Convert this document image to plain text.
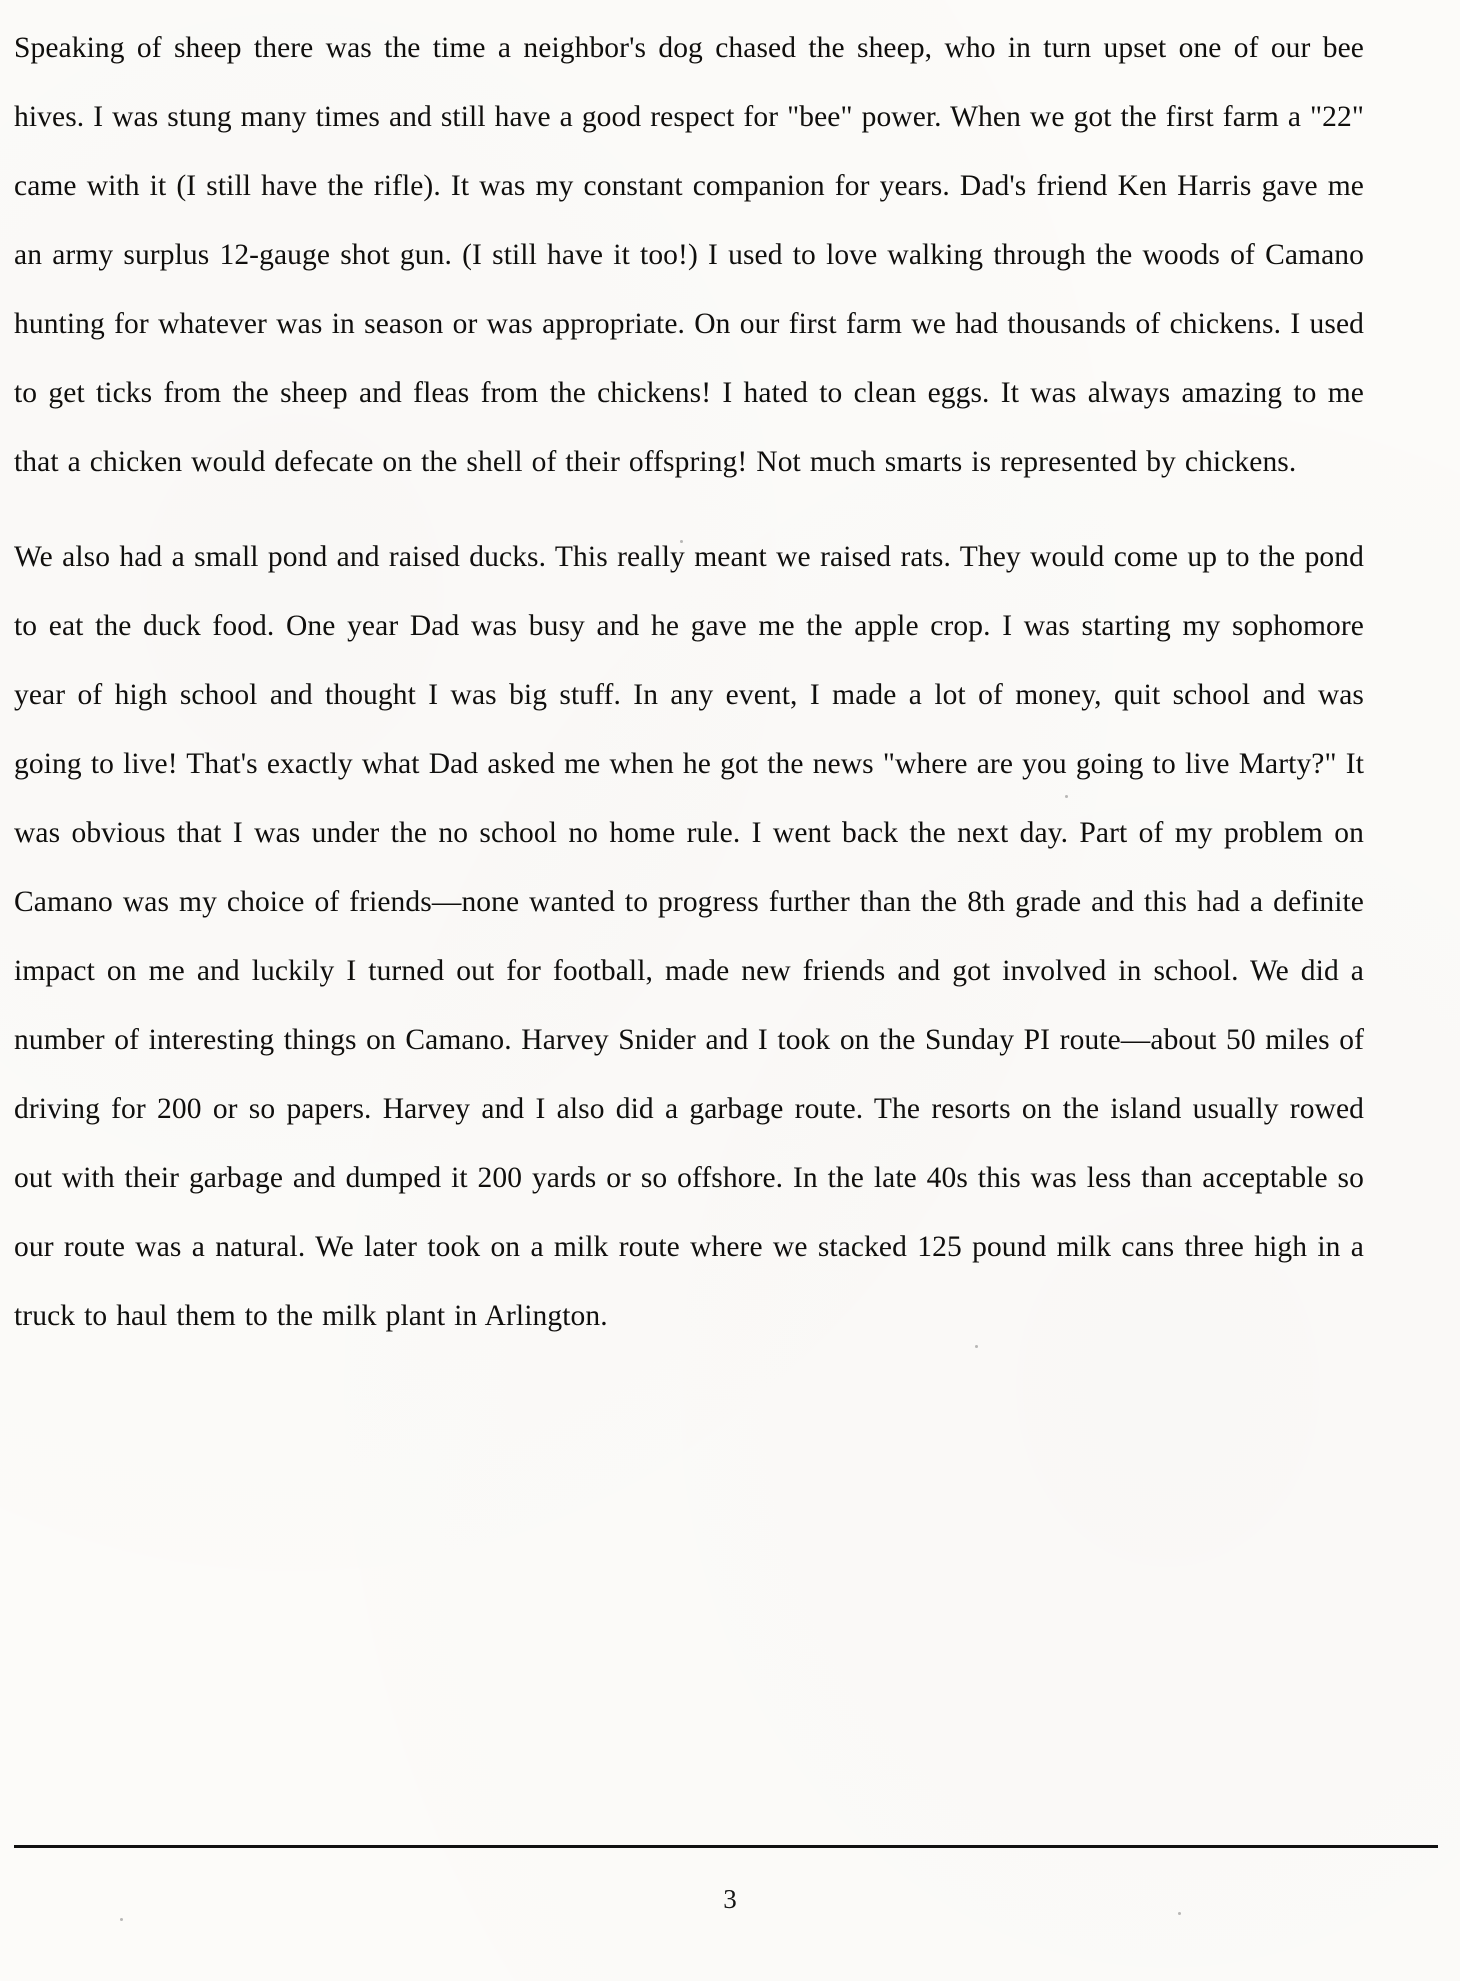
Speaking of sheep there was the time a neighbor's dog chased the sheep, who in turn upset one of our bee hives. I was stung many times and still have a good respect for "bee" power. When we got the first farm a "22" came with it (I still have the rifle). It was my constant companion for years. Dad's friend Ken Harris gave me an army surplus 12-gauge shot gun. (I still have it too!) I used to love walking through the woods of Camano hunting for whatever was in season or was appropriate. On our first farm we had thousands of chickens. I used to get ticks from the sheep and fleas from the chickens! I hated to clean eggs. It was always amazing to me that a chicken would defecate on the shell of their offspring! Not much smarts is represented by chickens.

We also had a small pond and raised ducks. This really meant we raised rats. They would come up to the pond to eat the duck food. One year Dad was busy and he gave me the apple crop. I was starting my sophomore year of high school and thought I was big stuff. In any event, I made a lot of money, quit school and was going to live! That's exactly what Dad asked me when he got the news "where are you going to live Marty?" It was obvious that I was under the no school no home rule. I went back the next day. Part of my problem on Camano was my choice of friends—none wanted to progress further than the 8th grade and this had a definite impact on me and luckily I turned out for football, made new friends and got involved in school. We did a number of interesting things on Camano. Harvey Snider and I took on the Sunday PI route—about 50 miles of driving for 200 or so papers. Harvey and I also did a garbage route. The resorts on the island usually rowed out with their garbage and dumped it 200 yards or so offshore. In the late 40s this was less than acceptable so our route was a natural. We later took on a milk route where we stacked 125 pound milk cans three high in a truck to haul them to the milk plant in Arlington.

3
